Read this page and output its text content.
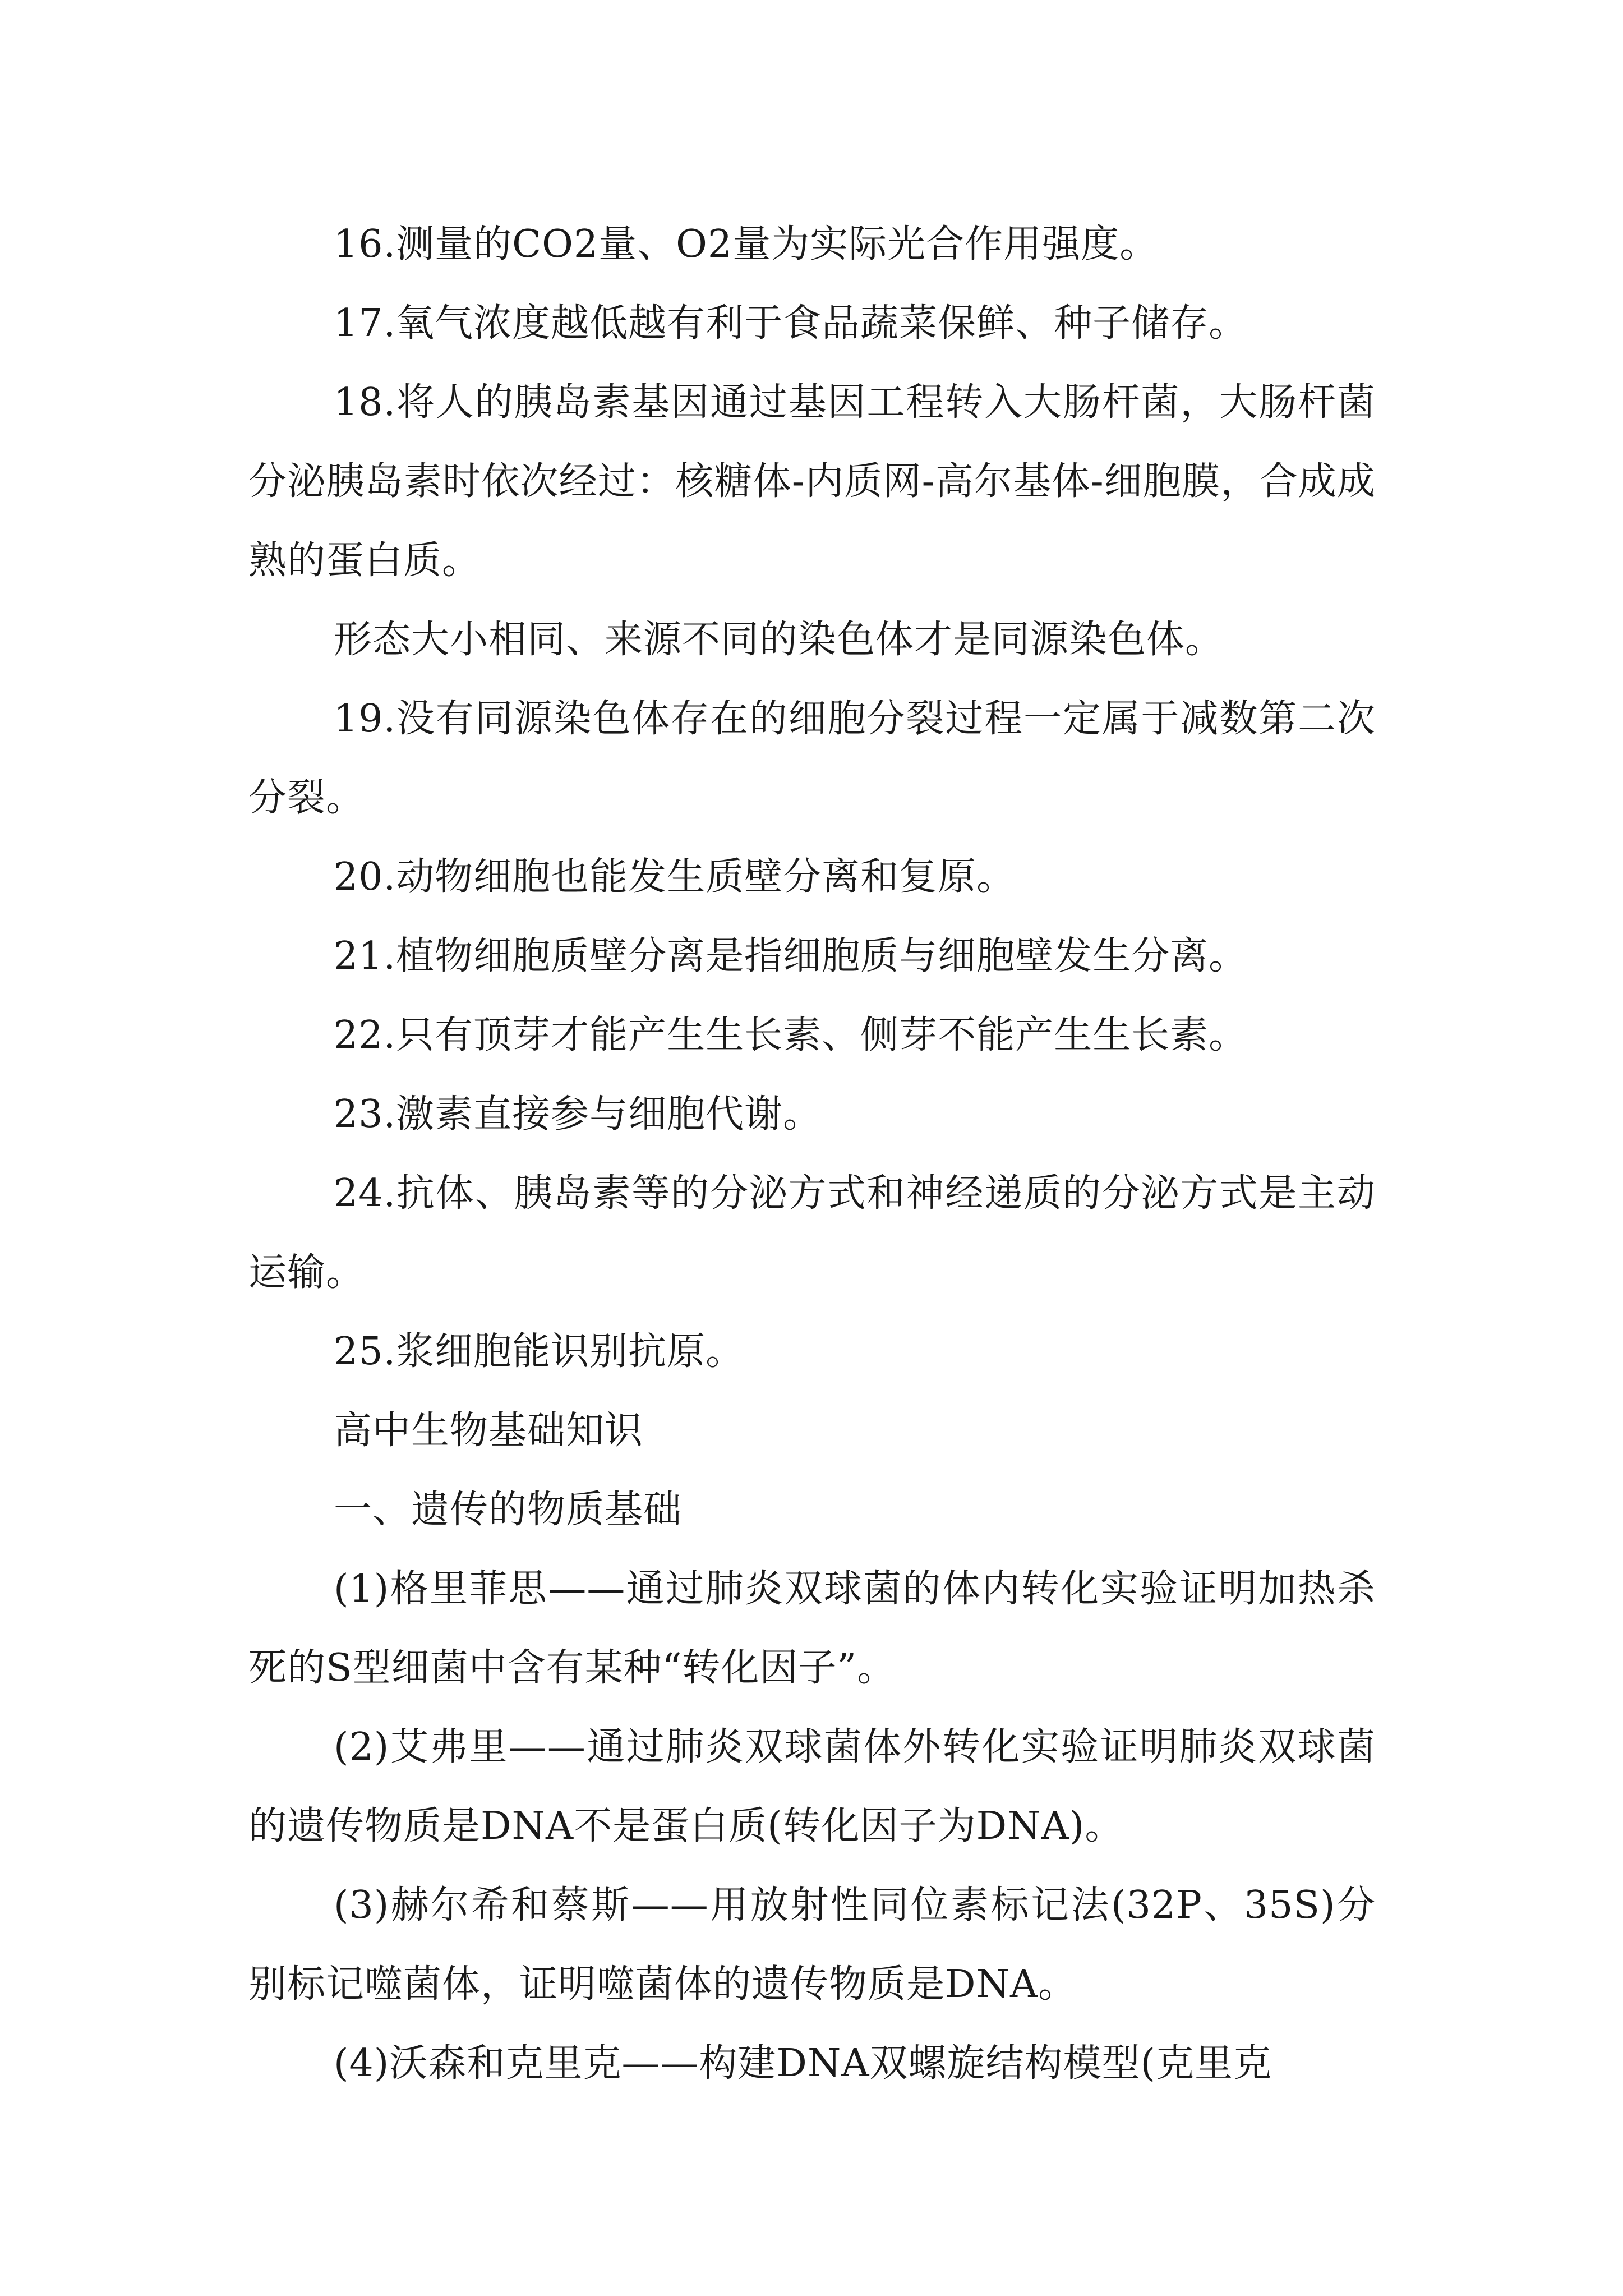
16.测量的CO2量、O2量为实际光合作用强度。

17.氧气浓度越低越有利于食品蔬菜保鲜、种子储存。

18.将人的胰岛素基因通过基因工程转入大肠杆菌，大肠杆菌分泌胰岛素时依次经过：核糖体-内质网-高尔基体-细胞膜，合成成熟的蛋白质。

形态大小相同、来源不同的染色体才是同源染色体。

19.没有同源染色体存在的细胞分裂过程一定属于减数第二次分裂。

20.动物细胞也能发生质壁分离和复原。

21.植物细胞质壁分离是指细胞质与细胞壁发生分离。

22.只有顶芽才能产生生长素、侧芽不能产生生长素。

23.激素直接参与细胞代谢。

24.抗体、胰岛素等的分泌方式和神经递质的分泌方式是主动运输。

25.浆细胞能识别抗原。

高中生物基础知识

一、遗传的物质基础

(1)格里菲思——通过肺炎双球菌的体内转化实验证明加热杀死的S型细菌中含有某种“转化因子”。

(2)艾弗里——通过肺炎双球菌体外转化实验证明肺炎双球菌的遗传物质是DNA不是蛋白质(转化因子为DNA)。

(3)赫尔希和蔡斯——用放射性同位素标记法(32P、35S)分别标记噬菌体，证明噬菌体的遗传物质是DNA。

(4)沃森和克里克——构建DNA双螺旋结构模型(克里克
